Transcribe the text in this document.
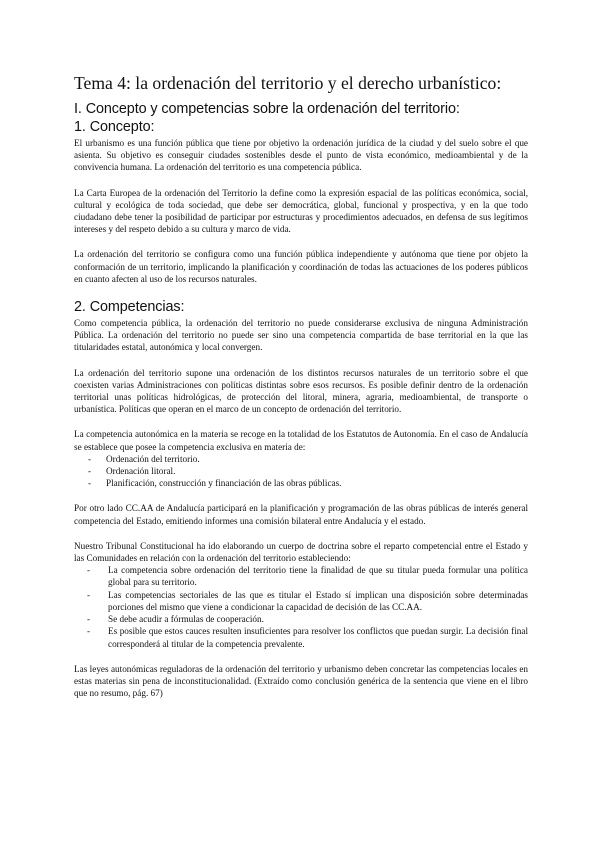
Tema 4: la ordenación del territorio y el derecho urbanístico:
I. Concepto y competencias sobre la ordenación del territorio:
1. Concepto:

El urbanismo es una función pública que tiene por objetivo la ordenación jurídica de la ciudad y del suelo sobre el que asienta. Su objetivo es conseguir ciudades sostenibles desde el punto de vista económico, medioambiental y de la convivencia humana. La ordenación del territorio es una competencia pública.

La Carta Europea de la ordenación del Territorio la define como la expresión espacial de las políticas económica, social, cultural y ecológica de toda sociedad, que debe ser democrática, global, funcional y prospectiva, y en la que todo ciudadano debe tener la posibilidad de participar por estructuras y procedimientos adecuados, en defensa de sus legítimos intereses y del respeto debido a su cultura y marco de vida.

La ordenación del territorio se configura como una función pública independiente y autónoma que tiene por objeto la conformación de un territorio, implicando la planificación y coordinación de todas las actuaciones de los poderes públicos en cuanto afecten al uso de los recursos naturales.

2. Competencias:

Como competencia pública, la ordenación del territorio no puede considerarse exclusiva de ninguna Administración Pública. La ordenación del territorio no puede ser sino una competencia compartida de base territorial en la que las titularidades estatal, autonómica y local convergen.

La ordenación del territorio supone una ordenación de los distintos recursos naturales de un territorio sobre el que coexisten varias Administraciones con políticas distintas sobre esos recursos. Es posible definir dentro de la ordenación territorial unas políticas hidrológicas, de protección del litoral, minera, agraria, medioambiental, de transporte o urbanística. Políticas que operan en el marco de un concepto de ordenación del territorio.

La competencia autonómica en la materia se recoge en la totalidad de los Estatutos de Autonomía. En el caso de Andalucía se establece que posee la competencia exclusiva en materia de:

- Ordenación del territorio.
- Ordenación litoral.
- Planificación, construcción y financiación de las obras públicas.

Por otro lado CC.AA de Andalucía participará en la planificación y programación de las obras públicas de interés general competencia del Estado, emitiendo informes una comisión bilateral entre Andalucía y el estado.

Nuestro Tribunal Constitucional ha ido elaborando un cuerpo de doctrina sobre el reparto competencial entre el Estado y las Comunidades en relación con la ordenación del territorio estableciendo:

- La competencia sobre ordenación del territorio tiene la finalidad de que su titular pueda formular una política global para su territorio.
- Las competencias sectoriales de las que es titular el Estado sí implican una disposición sobre determinadas porciones del mismo que viene a condicionar la capacidad de decisión de las CC.AA.
- Se debe acudir a fórmulas de cooperación.
- Es posible que estos cauces resulten insuficientes para resolver los conflictos que puedan surgir. La decisión final corresponderá al titular de la competencia prevalente.

Las leyes autonómicas reguladoras de la ordenación del territorio y urbanismo deben concretar las competencias locales en estas materias sin pena de inconstitucionalidad. (Extraído como conclusión genérica de la sentencia que viene en el libro que no resumo, pág. 67)
